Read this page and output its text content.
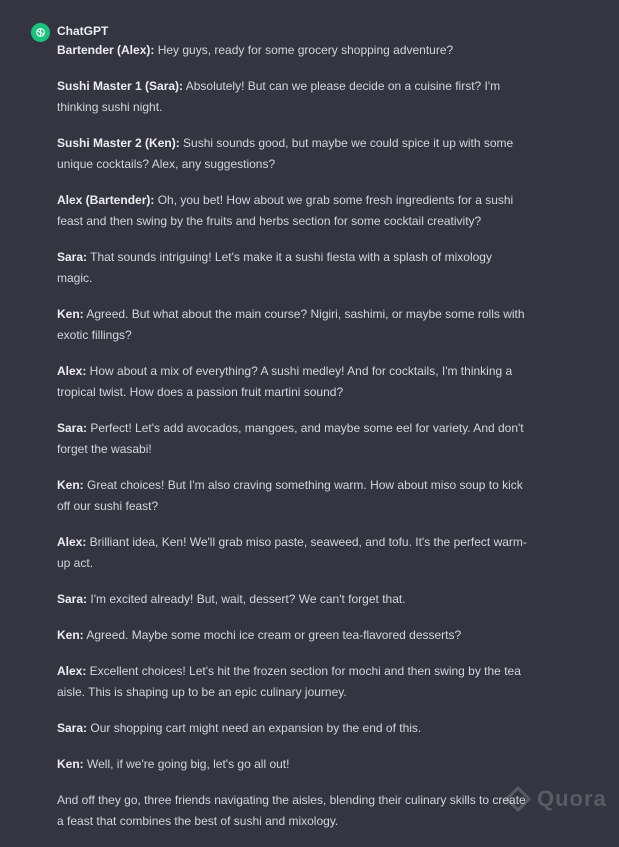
ChatGPT

Bartender (Alex): Hey guys, ready for some grocery shopping adventure?

Sushi Master 1 (Sara): Absolutely! But can we please decide on a cuisine first? I'm thinking sushi night.

Sushi Master 2 (Ken): Sushi sounds good, but maybe we could spice it up with some unique cocktails? Alex, any suggestions?

Alex (Bartender): Oh, you bet! How about we grab some fresh ingredients for a sushi feast and then swing by the fruits and herbs section for some cocktail creativity?

Sara: That sounds intriguing! Let's make it a sushi fiesta with a splash of mixology magic.

Ken: Agreed. But what about the main course? Nigiri, sashimi, or maybe some rolls with exotic fillings?

Alex: How about a mix of everything? A sushi medley! And for cocktails, I'm thinking a tropical twist. How does a passion fruit martini sound?

Sara: Perfect! Let's add avocados, mangoes, and maybe some eel for variety. And don't forget the wasabi!

Ken: Great choices! But I'm also craving something warm. How about miso soup to kick off our sushi feast?

Alex: Brilliant idea, Ken! We'll grab miso paste, seaweed, and tofu. It's the perfect warm-up act.

Sara: I'm excited already! But, wait, dessert? We can't forget that.

Ken: Agreed. Maybe some mochi ice cream or green tea-flavored desserts?

Alex: Excellent choices! Let's hit the frozen section for mochi and then swing by the tea aisle. This is shaping up to be an epic culinary journey.

Sara: Our shopping cart might need an expansion by the end of this.

Ken: Well, if we're going big, let's go all out!

And off they go, three friends navigating the aisles, blending their culinary skills to create a feast that combines the best of sushi and mixology.

Quora
